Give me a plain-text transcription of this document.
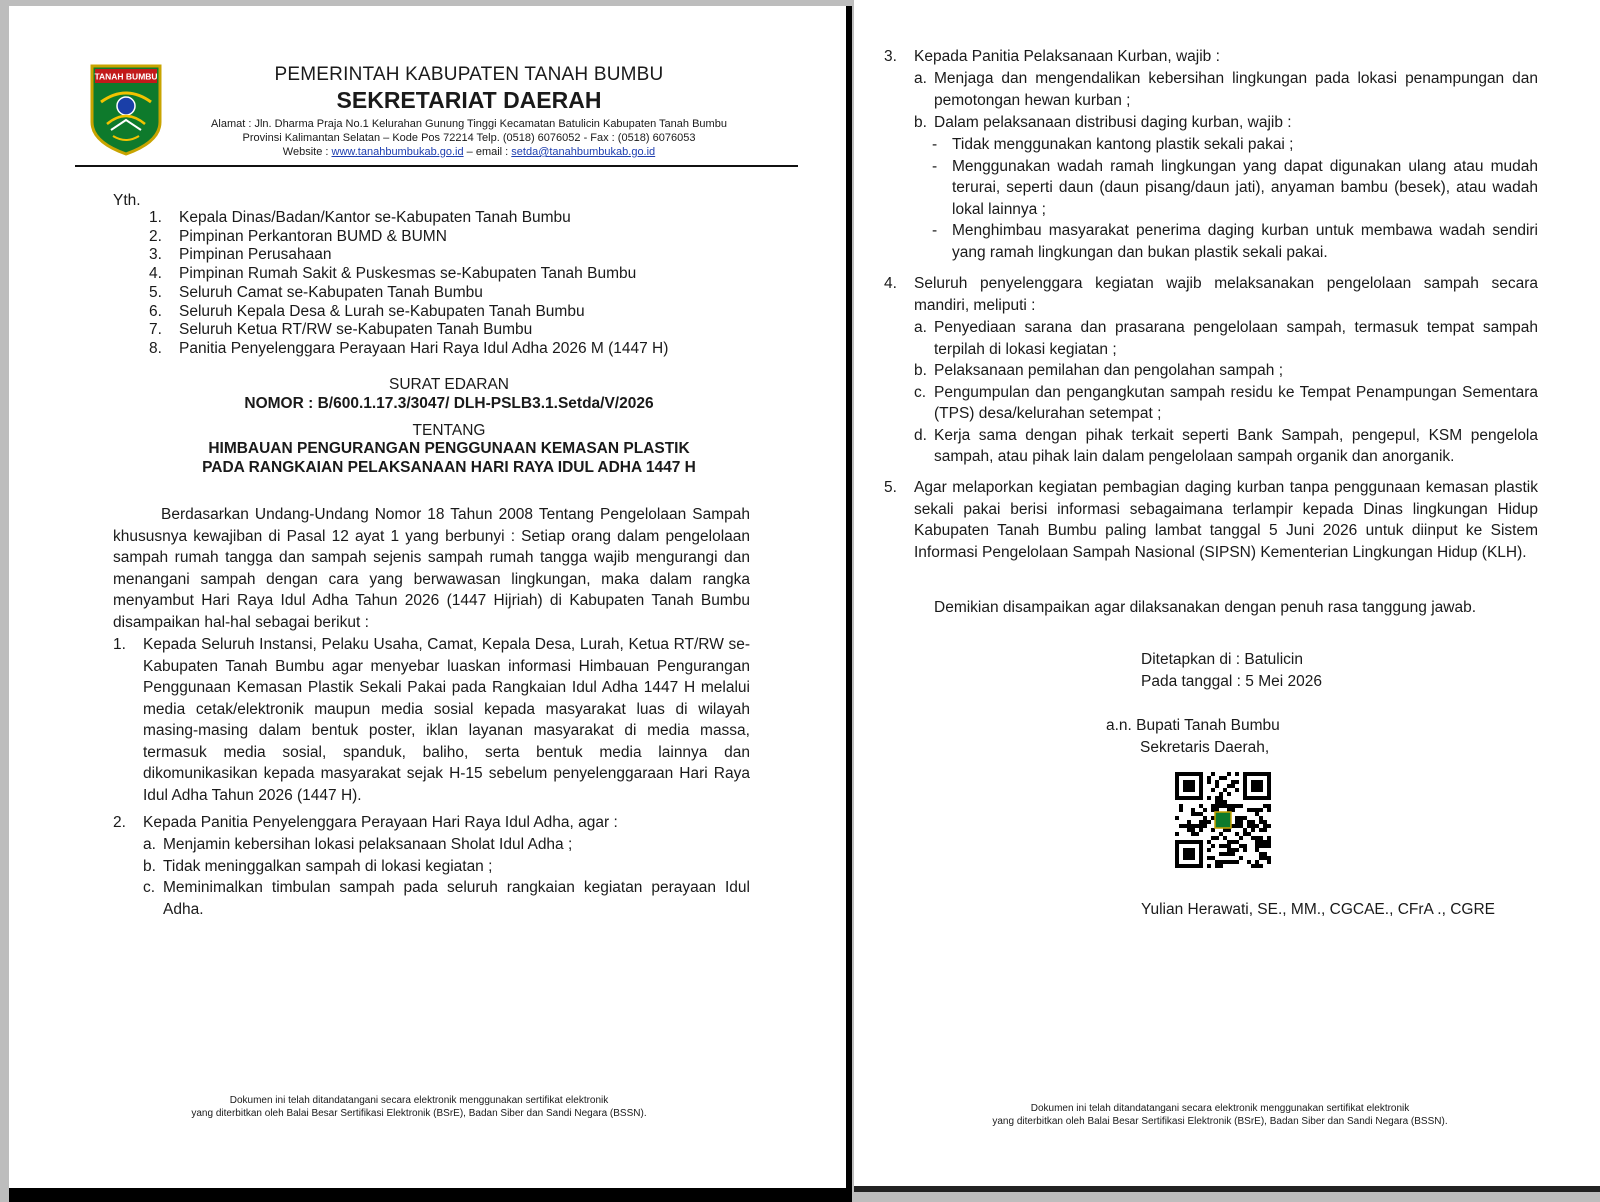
TANAH BUMBU	PEMERINTAH KABUPATEN TANAH BUMBU
SEKRETARIAT DAERAH
Alamat : Jln. Dharma Praja No.1 Kelurahan Gunung Tinggi Kecamatan Batulicin Kabupaten Tanah Bumbu
Provinsi Kalimantan Selatan – Kode Pos 72214 Telp. (0518) 6076052 - Fax : (0518) 6076053
Website : www.tanahbumbukab.go.id – email : setda@tanahbumbukab.go.id
Yth.
1.	Kepala Dinas/Badan/Kantor se-Kabupaten Tanah Bumbu
2.	Pimpinan Perkantoran BUMD & BUMN
3.	Pimpinan Perusahaan
4.	Pimpinan Rumah Sakit & Puskesmas se-Kabupaten Tanah Bumbu
5.	Seluruh Camat se-Kabupaten Tanah Bumbu
6.	Seluruh Kepala Desa & Lurah se-Kabupaten Tanah Bumbu
7.	Seluruh Ketua RT/RW se-Kabupaten Tanah Bumbu
8.	Panitia Penyelenggara Perayaan Hari Raya Idul Adha 2026 M (1447 H)
SURAT EDARAN
NOMOR : B/600.1.17.3/3047/ DLH-PSLB3.1.Setda/V/2026
TENTANG
HIMBAUAN PENGURANGAN PENGGUNAAN KEMASAN PLASTIK
PADA RANGKAIAN PELAKSANAAN HARI RAYA IDUL ADHA 1447 H
Berdasarkan Undang-Undang Nomor 18 Tahun 2008 Tentang Pengelolaan Sampah khususnya kewajiban di Pasal 12 ayat 1 yang berbunyi : Setiap orang dalam pengelolaan sampah rumah tangga dan sampah sejenis sampah rumah tangga wajib mengurangi dan menangani sampah dengan cara yang berwawasan lingkungan, maka dalam rangka menyambut Hari Raya Idul Adha Tahun 2026 (1447 Hijriah) di Kabupaten Tanah Bumbu disampaikan hal-hal sebagai berikut :
1.	Kepada Seluruh Instansi, Pelaku Usaha, Camat, Kepala Desa, Lurah, Ketua RT/RW se-Kabupaten Tanah Bumbu agar menyebar luaskan informasi Himbauan Pengurangan Penggunaan Kemasan Plastik Sekali Pakai pada Rangkaian Idul Adha 1447 H melalui media cetak/elektronik maupun media sosial kepada masyarakat luas di wilayah masing-masing dalam bentuk poster, iklan layanan masyarakat di media massa, termasuk media sosial, spanduk, baliho, serta bentuk media lainnya dan dikomunikasikan kepada masyarakat sejak H-15 sebelum penyelenggaraan Hari Raya Idul Adha Tahun 2026 (1447 H).
2.	Kepada Panitia Penyelenggara Perayaan Hari Raya Idul Adha, agar :
a. Menjamin kebersihan lokasi pelaksanaan Sholat Idul Adha ;
b. Tidak meninggalkan sampah di lokasi kegiatan ;
c. Meminimalkan timbulan sampah pada seluruh rangkaian kegiatan perayaan Idul Adha.
Dokumen ini telah ditandatangani secara elektronik menggunakan sertifikat elektronik
yang diterbitkan oleh Balai Besar Sertifikasi Elektronik (BSrE), Badan Siber dan Sandi Negara (BSSN).
3.	Kepada Panitia Pelaksanaan Kurban, wajib :
a. Menjaga dan mengendalikan kebersihan lingkungan pada lokasi penampungan dan pemotongan hewan kurban ;
b. Dalam pelaksanaan distribusi daging kurban, wajib :
- Tidak menggunakan kantong plastik sekali pakai ;
- Menggunakan wadah ramah lingkungan yang dapat digunakan ulang atau mudah terurai, seperti daun (daun pisang/daun jati), anyaman bambu (besek), atau wadah lokal lainnya ;
- Menghimbau masyarakat penerima daging kurban untuk membawa wadah sendiri yang ramah lingkungan dan bukan plastik sekali pakai.
4.	Seluruh penyelenggara kegiatan wajib melaksanakan pengelolaan sampah secara mandiri, meliputi :
a. Penyediaan sarana dan prasarana pengelolaan sampah, termasuk tempat sampah terpilah di lokasi kegiatan ;
b. Pelaksanaan pemilahan dan pengolahan sampah ;
c. Pengumpulan dan pengangkutan sampah residu ke Tempat Penampungan Sementara (TPS) desa/kelurahan setempat ;
d. Kerja sama dengan pihak terkait seperti Bank Sampah, pengepul, KSM pengelola sampah, atau pihak lain dalam pengelolaan sampah organik dan anorganik.
5.	Agar melaporkan kegiatan pembagian daging kurban tanpa penggunaan kemasan plastik sekali pakai berisi informasi sebagaimana terlampir kepada Dinas lingkungan Hidup Kabupaten Tanah Bumbu paling lambat tanggal 5 Juni 2026 untuk diinput ke Sistem Informasi Pengelolaan Sampah Nasional (SIPSN) Kementerian Lingkungan Hidup (KLH).
Demikian disampaikan agar dilaksanakan dengan penuh rasa tanggung jawab.
Ditetapkan di : Batulicin
Pada tanggal : 5 Mei 2026
a.n. Bupati Tanah Bumbu
Sekretaris Daerah,
Yulian Herawati, SE., MM., CGCAE., CFrA ., CGRE
Dokumen ini telah ditandatangani secara elektronik menggunakan sertifikat elektronik
yang diterbitkan oleh Balai Besar Sertifikasi Elektronik (BSrE), Badan Siber dan Sandi Negara (BSSN).
